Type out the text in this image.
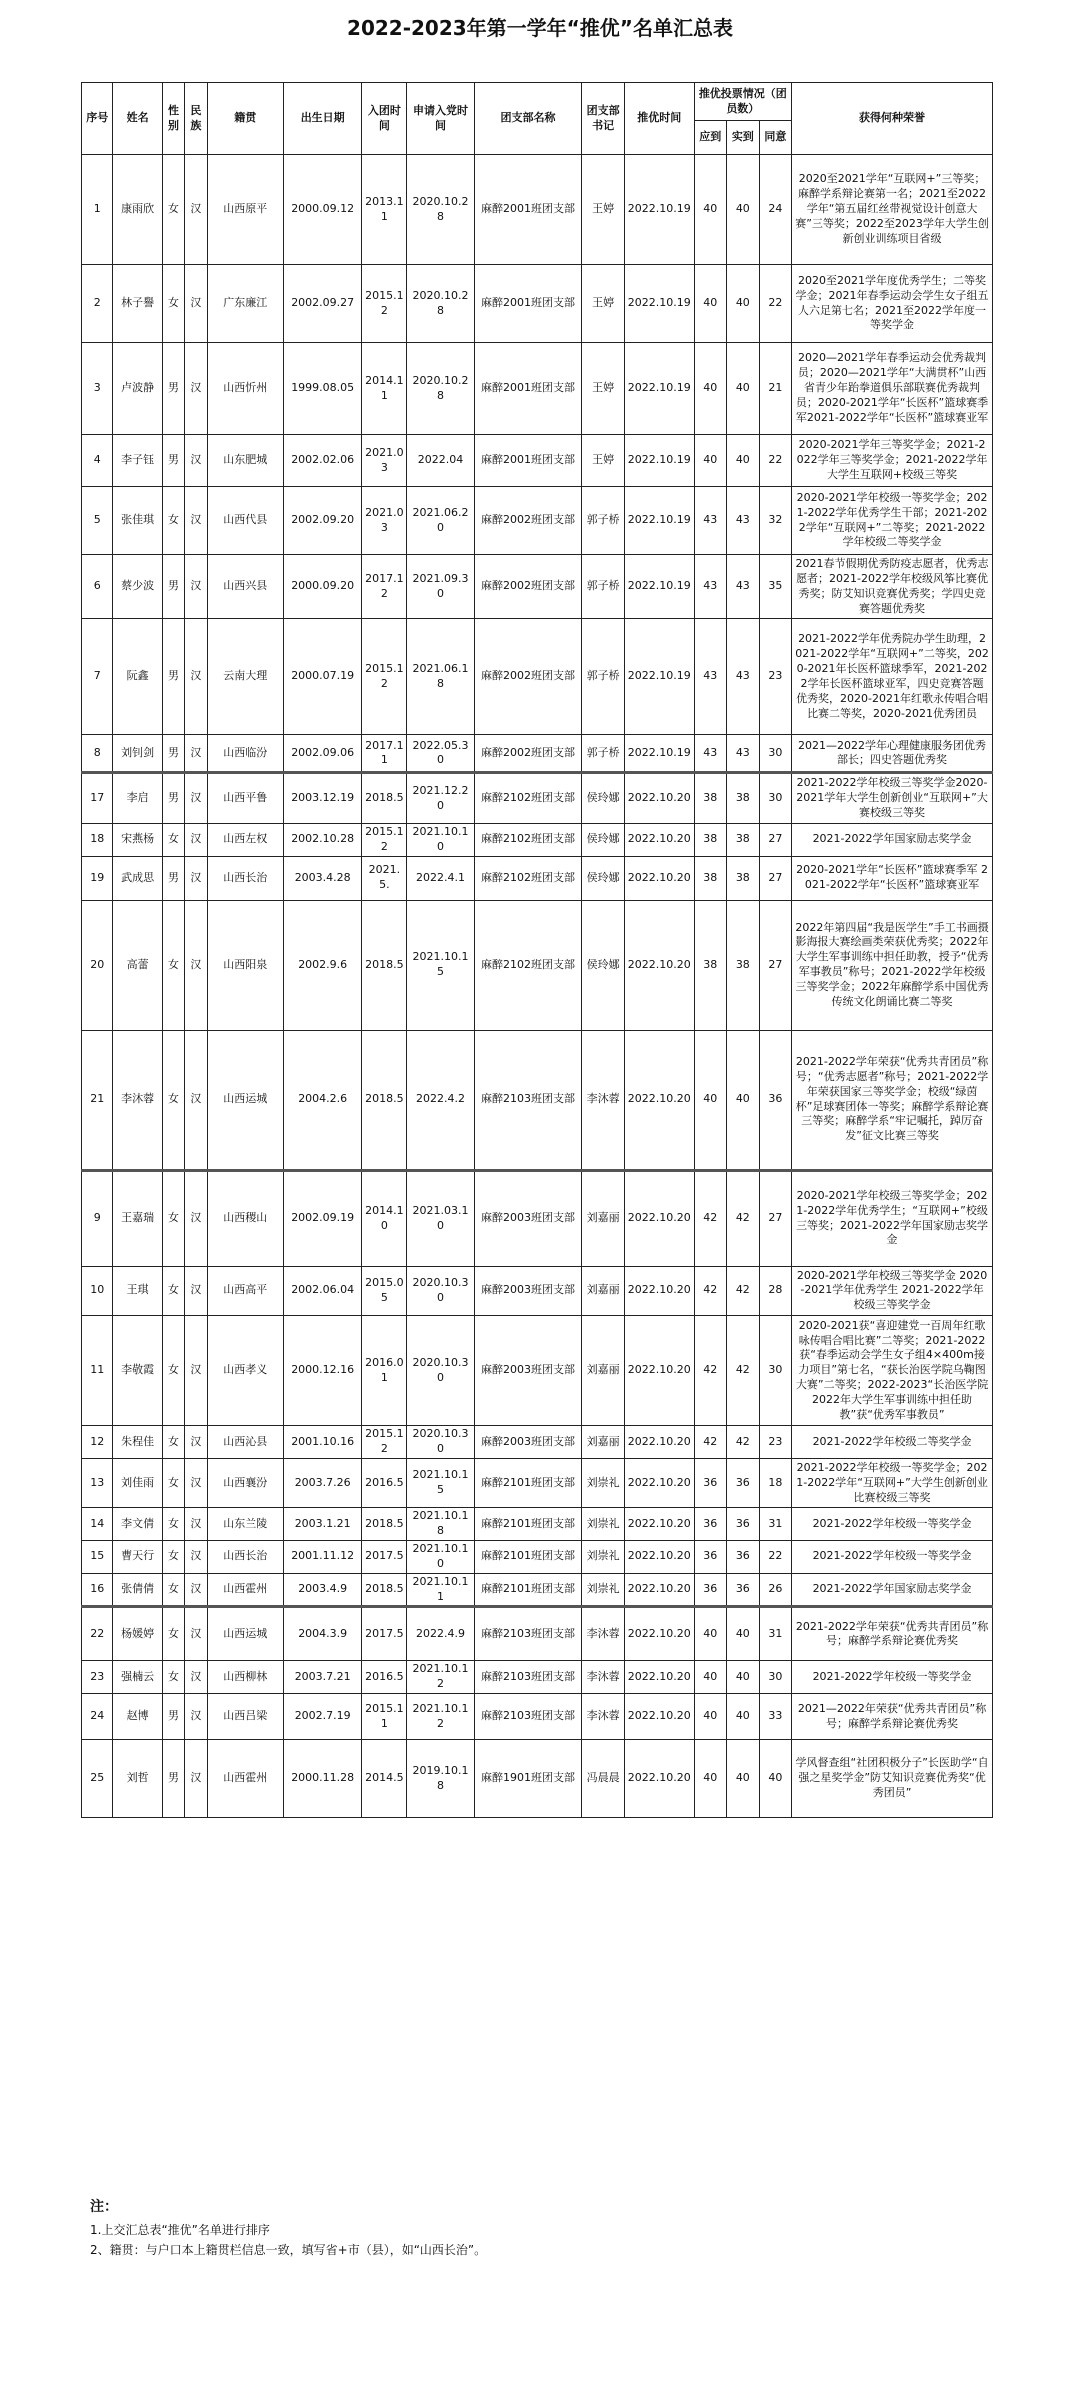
2022-2023年第一学年“推优”名单汇总表
序号	姓名	性别	民族	籍贯	出生日期	入团时间	申请入党时间	团支部名称	团支部书记	推优时间	推优投票情况（团员数）			获得何种荣誉
											应到	实到	同意	
1	康雨欣	女	汉	山西原平	2000.09.12	2013.11	2020.10.28	麻醉2001班团支部	王婷	2022.10.19	40	40	24	2020至2021学年“互联网+”三等奖；麻醉学系辩论赛第一名；2021至2022学年“第五届红丝带视觉设计创意大赛”三等奖；2022至2023学年大学生创新创业训练项目省级
2	林子譽	女	汉	广东廉江	2002.09.27	2015.12	2020.10.28	麻醉2001班团支部	王婷	2022.10.19	40	40	22	2020至2021学年度优秀学生；二等奖学金；2021年春季运动会学生女子组五人六足第七名；2021至2022学年度一等奖学金
3	卢波静	男	汉	山西忻州	1999.08.05	2014.11	2020.10.28	麻醉2001班团支部	王婷	2022.10.19	40	40	21	2020—2021学年春季运动会优秀裁判员；2020—2021学年“大满贯杯”山西省青少年跆拳道俱乐部联赛优秀裁判员；2020-2021学年“长医杯”篮球赛季军2021-2022学年“长医杯”篮球赛亚军
4	李子钰	男	汉	山东肥城	2002.02.06	2021.03	2022.04	麻醉2001班团支部	王婷	2022.10.19	40	40	22	2020-2021学年三等奖学金；2021-2022学年三等奖学金；2021-2022学年大学生互联网+校级三等奖
5	张佳琪	女	汉	山西代县	2002.09.20	2021.03	2021.06.20	麻醉2002班团支部	郭子桥	2022.10.19	43	43	32	2020-2021学年校级一等奖学金；2021-2022学年优秀学生干部；2021-2022学年“互联网+”二等奖；2021-2022学年校级二等奖学金
6	蔡少波	男	汉	山西兴县	2000.09.20	2017.12	2021.09.30	麻醉2002班团支部	郭子桥	2022.10.19	43	43	35	2021春节假期优秀防疫志愿者，优秀志愿者；2021-2022学年校级风筝比赛优秀奖；防艾知识竞赛优秀奖；学四史竞赛答题优秀奖
7	阮鑫	男	汉	云南大理	2000.07.19	2015.12	2021.06.18	麻醉2002班团支部	郭子桥	2022.10.19	43	43	23	2021-2022学年优秀院办学生助理，2021-2022学年“互联网+”二等奖，2020-2021年长医杯篮球季军，2021-2022学年长医杯篮球亚军，四史竞赛答题优秀奖，2020-2021年红歌永传唱合唱比赛二等奖，2020-2021优秀团员
8	刘钊剑	男	汉	山西临汾	2002.09.06	2017.11	2022.05.30	麻醉2002班团支部	郭子桥	2022.10.19	43	43	30	2021—2022学年心理健康服务团优秀部长；四史答题优秀奖
17	李启	男	汉	山西平鲁	2003.12.19	2018.5	2021.12.20	麻醉2102班团支部	侯玲娜	2022.10.20	38	38	30	2021-2022学年校级三等奖学金2020-2021学年大学生创新创业“互联网+”大赛校级三等奖
18	宋燕杨	女	汉	山西左权	2002.10.28	2015.12	2021.10.10	麻醉2102班团支部	侯玲娜	2022.10.20	38	38	27	2021-2022学年国家励志奖学金
19	武成思	男	汉	山西长治	2003.4.28	2021.5.	2022.4.1	麻醉2102班团支部	侯玲娜	2022.10.20	38	38	27	2020-2021学年“长医杯”篮球赛季军 2021-2022学年“长医杯”篮球赛亚军
20	高蕾	女	汉	山西阳泉	2002.9.6	2018.5	2021.10.15	麻醉2102班团支部	侯玲娜	2022.10.20	38	38	27	2022年第四届“我是医学生”手工书画摄影海报大赛绘画类荣获优秀奖；2022年大学生军事训练中担任助教，授予“优秀军事教员”称号；2021-2022学年校级三等奖学金；2022年麻醉学系中国优秀传统文化朗诵比赛二等奖
21	李沐蓉	女	汉	山西运城	2004.2.6	2018.5	2022.4.2	麻醉2103班团支部	李沐蓉	2022.10.20	40	40	36	2021-2022学年荣获“优秀共青团员”称号；“优秀志愿者”称号；2021-2022学年荣获国家三等奖学金；校级“绿茵杯”足球赛团体一等奖；麻醉学系辩论赛三等奖；麻醉学系“牢记嘱托，踔厉奋发”征文比赛三等奖
9	王嘉瑞	女	汉	山西稷山	2002.09.19	2014.10	2021.03.10	麻醉2003班团支部	刘嘉丽	2022.10.20	42	42	27	2020-2021学年校级三等奖学金；2021-2022学年优秀学生；“互联网+”校级三等奖；2021-2022学年国家励志奖学金
10	王琪	女	汉	山西高平	2002.06.04	2015.05	2020.10.30	麻醉2003班团支部	刘嘉丽	2022.10.20	42	42	28	2020-2021学年校级三等奖学金 2020-2021学年优秀学生 2021-2022学年校级三等奖学金
11	李敬霞	女	汉	山西孝义	2000.12.16	2016.01	2020.10.30	麻醉2003班团支部	刘嘉丽	2022.10.20	42	42	30	2020-2021获“喜迎建党一百周年红歌咏传唱合唱比赛”二等奖；2021-2022获“春季运动会学生女子组4×400m接力项目”第七名，“获长治医学院乌鞠图大赛”二等奖；2022-2023“长治医学院2022年大学生军事训练中担任助教”获“优秀军事教员”
12	朱程佳	女	汉	山西沁县	2001.10.16	2015.12	2020.10.30	麻醉2003班团支部	刘嘉丽	2022.10.20	42	42	23	2021-2022学年校级二等奖学金
13	刘佳雨	女	汉	山西襄汾	2003.7.26	2016.5	2021.10.15	麻醉2101班团支部	刘崇礼	2022.10.20	36	36	18	2021-2022学年校级一等奖学金；2021-2022学年“互联网+”大学生创新创业比赛校级三等奖
14	李文倩	女	汉	山东兰陵	2003.1.21	2018.5	2021.10.18	麻醉2101班团支部	刘崇礼	2022.10.20	36	36	31	2021-2022学年校级一等奖学金
15	曹天行	女	汉	山西长治	2001.11.12	2017.5	2021.10.10	麻醉2101班团支部	刘崇礼	2022.10.20	36	36	22	2021-2022学年校级一等奖学金
16	张倩倩	女	汉	山西霍州	2003.4.9	2018.5	2021.10.11	麻醉2101班团支部	刘崇礼	2022.10.20	36	36	26	2021-2022学年国家励志奖学金
22	杨媛婷	女	汉	山西运城	2004.3.9	2017.5	2022.4.9	麻醉2103班团支部	李沐蓉	2022.10.20	40	40	31	2021-2022学年荣获“优秀共青团员”称号；麻醉学系辩论赛优秀奖
23	强楠云	女	汉	山西柳林	2003.7.21	2016.5	2021.10.12	麻醉2103班团支部	李沐蓉	2022.10.20	40	40	30	2021-2022学年校级一等奖学金
24	赵博	男	汉	山西吕梁	2002.7.19	2015.11	2021.10.12	麻醉2103班团支部	李沐蓉	2022.10.20	40	40	33	2021—2022年荣获“优秀共青团员”称号；麻醉学系辩论赛优秀奖
25	刘哲	男	汉	山西霍州	2000.11.28	2014.5	2019.10.18	麻醉1901班团支部	冯晨晨	2022.10.20	40	40	40	学风督查组“社团积极分子”长医助学“自强之星奖学金”防艾知识竞赛优秀奖“优秀团员”
注：
1.上交汇总表“推优”名单进行排序
2、籍贯：与户口本上籍贯栏信息一致，填写省+市（县），如“山西长治”。
